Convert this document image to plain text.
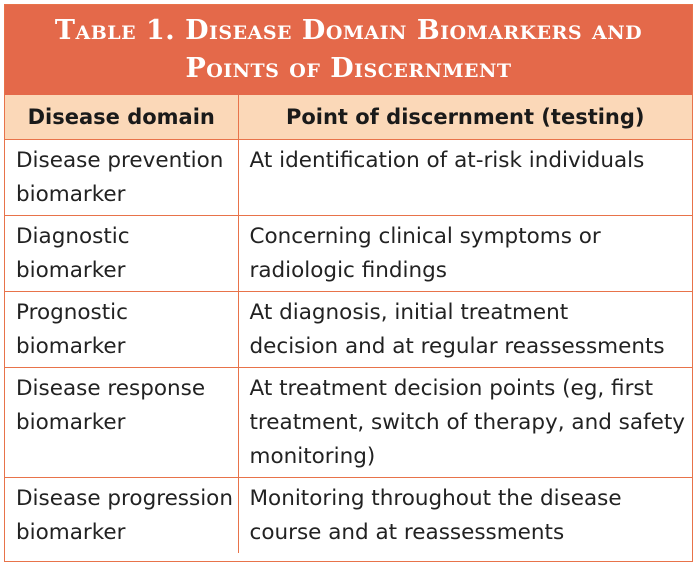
Table 1. Disease Domain Biomarkers and
Points of Discernment
Disease domain	Point of discernment (testing)

Disease prevention
biomarker	At identification of at-risk individuals

Diagnostic
biomarker	Concerning clinical symptoms or
radiologic findings

Prognostic
biomarker	At diagnosis, initial treatment
decision and at regular reassessments

Disease response
biomarker	At treatment decision points (eg, first
treatment, switch of therapy, and safety
monitoring)

Disease progression
biomarker	Monitoring throughout the disease
course and at reassessments
